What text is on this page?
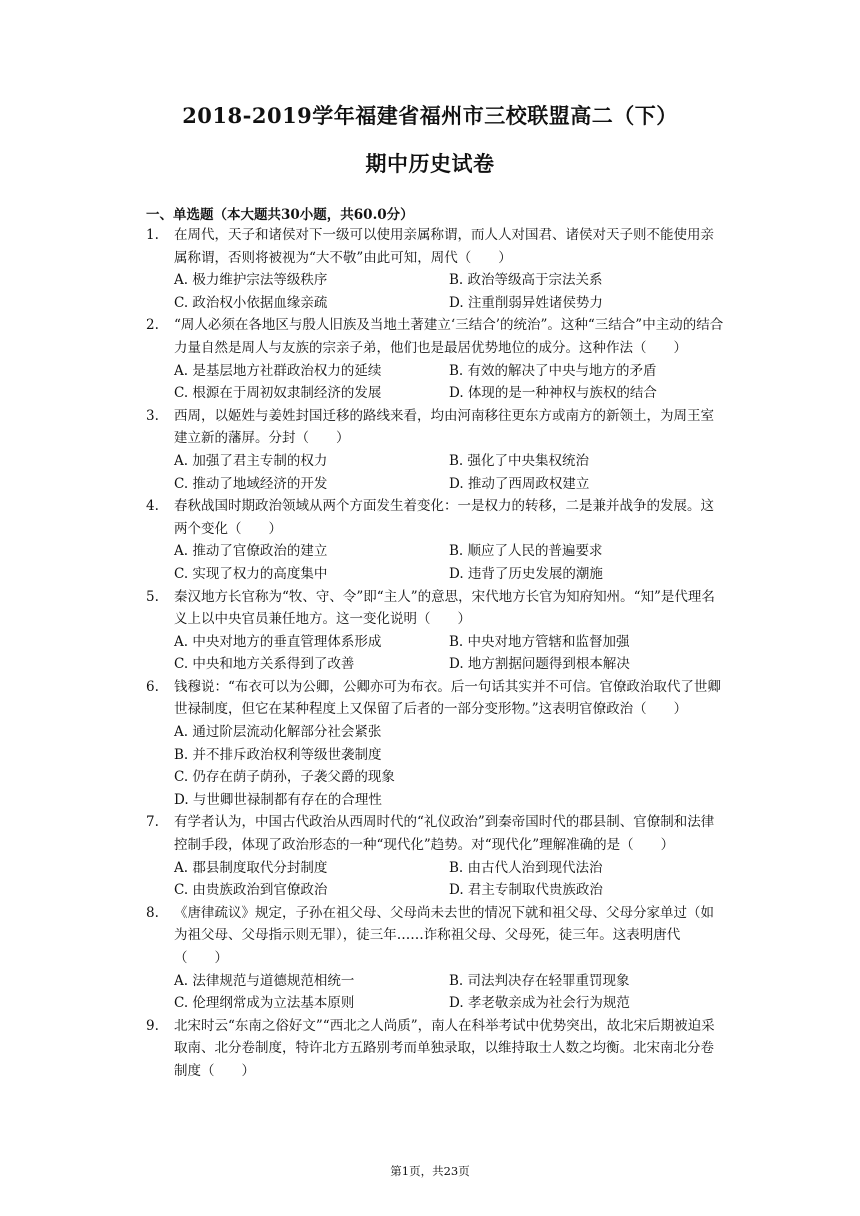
2018-2019学年福建省福州市三校联盟高二（下）
期中历史试卷
一、单选题（本大题共30小题，共60.0分）
1. 在周代，天子和诸侯对下一级可以使用亲属称谓，而人人对国君、诸侯对天子则不能使用亲属称谓，否则将被视为“大不敬”由此可知，周代（　　）
A. 极力维护宗法等级秩序	B. 政治等级高于宗法关系
C. 政治权小依据血缘亲疏	D. 注重削弱异姓诸侯势力
2. “周人必须在各地区与殷人旧族及当地土著建立‘三结合’的统治”。这种“三结合”中主动的结合力量自然是周人与友族的宗亲子弟，他们也是最居优势地位的成分。这种作法（　　）
A. 是基层地方社群政治权力的延续	B. 有效的解决了中央与地方的矛盾
C. 根源在于周初奴隶制经济的发展	D. 体现的是一种神权与族权的结合
3. 西周，以姬姓与姜姓封国迁移的路线来看，均由河南移往更东方或南方的新领土，为周王室建立新的藩屏。分封（　　）
A. 加强了君主专制的权力	B. 强化了中央集权统治
C. 推动了地域经济的开发	D. 推动了西周政权建立
4. 春秋战国时期政治领域从两个方面发生着变化：一是权力的转移，二是兼并战争的发展。这两个变化（　　）
A. 推动了官僚政治的建立	B. 顺应了人民的普遍要求
C. 实现了权力的高度集中	D. 违背了历史发展的潮施
5. 秦汉地方长官称为“牧、守、令”即“主人”的意思，宋代地方长官为知府知州。“知”是代理名义上以中央官员兼任地方。这一变化说明（　　）
A. 中央对地方的垂直管理体系形成	B. 中央对地方管辖和监督加强
C. 中央和地方关系得到了改善	D. 地方割据问题得到根本解决
6. 钱穆说：“布衣可以为公卿，公卿亦可为布衣。后一句话其实并不可信。官僚政治取代了世卿世禄制度，但它在某种程度上又保留了后者的一部分变形物。”这表明官僚政治（　　）
A. 通过阶层流动化解部分社会紧张
B. 并不排斥政治权利等级世袭制度
C. 仍存在荫子荫孙，子袭父爵的现象
D. 与世卿世禄制都有存在的合理性
7. 有学者认为，中国古代政治从西周时代的“礼仪政治”到秦帝国时代的郡县制、官僚制和法律控制手段，体现了政治形态的一种“现代化”趋势。对“现代化”理解准确的是（　　）
A. 郡县制度取代分封制度	B. 由古代人治到现代法治
C. 由贵族政治到官僚政治	D. 君主专制取代贵族政治
8. 《唐律疏议》规定，子孙在祖父母、父母尚未去世的情况下就和祖父母、父母分家单过（如为祖父母、父母指示则无罪），徒三年……诈称祖父母、父母死，徒三年。这表明唐代（　　）
A. 法律规范与道德规范相统一	B. 司法判决存在轻罪重罚现象
C. 伦理纲常成为立法基本原则	D. 孝老敬亲成为社会行为规范
9. 北宋时云“东南之俗好文”“西北之人尚质”，南人在科举考试中优势突出，故北宋后期被迫采取南、北分卷制度，特许北方五路别考而单独录取，以维持取士人数之均衡。北宋南北分卷制度（　　）
第1页，共23页
